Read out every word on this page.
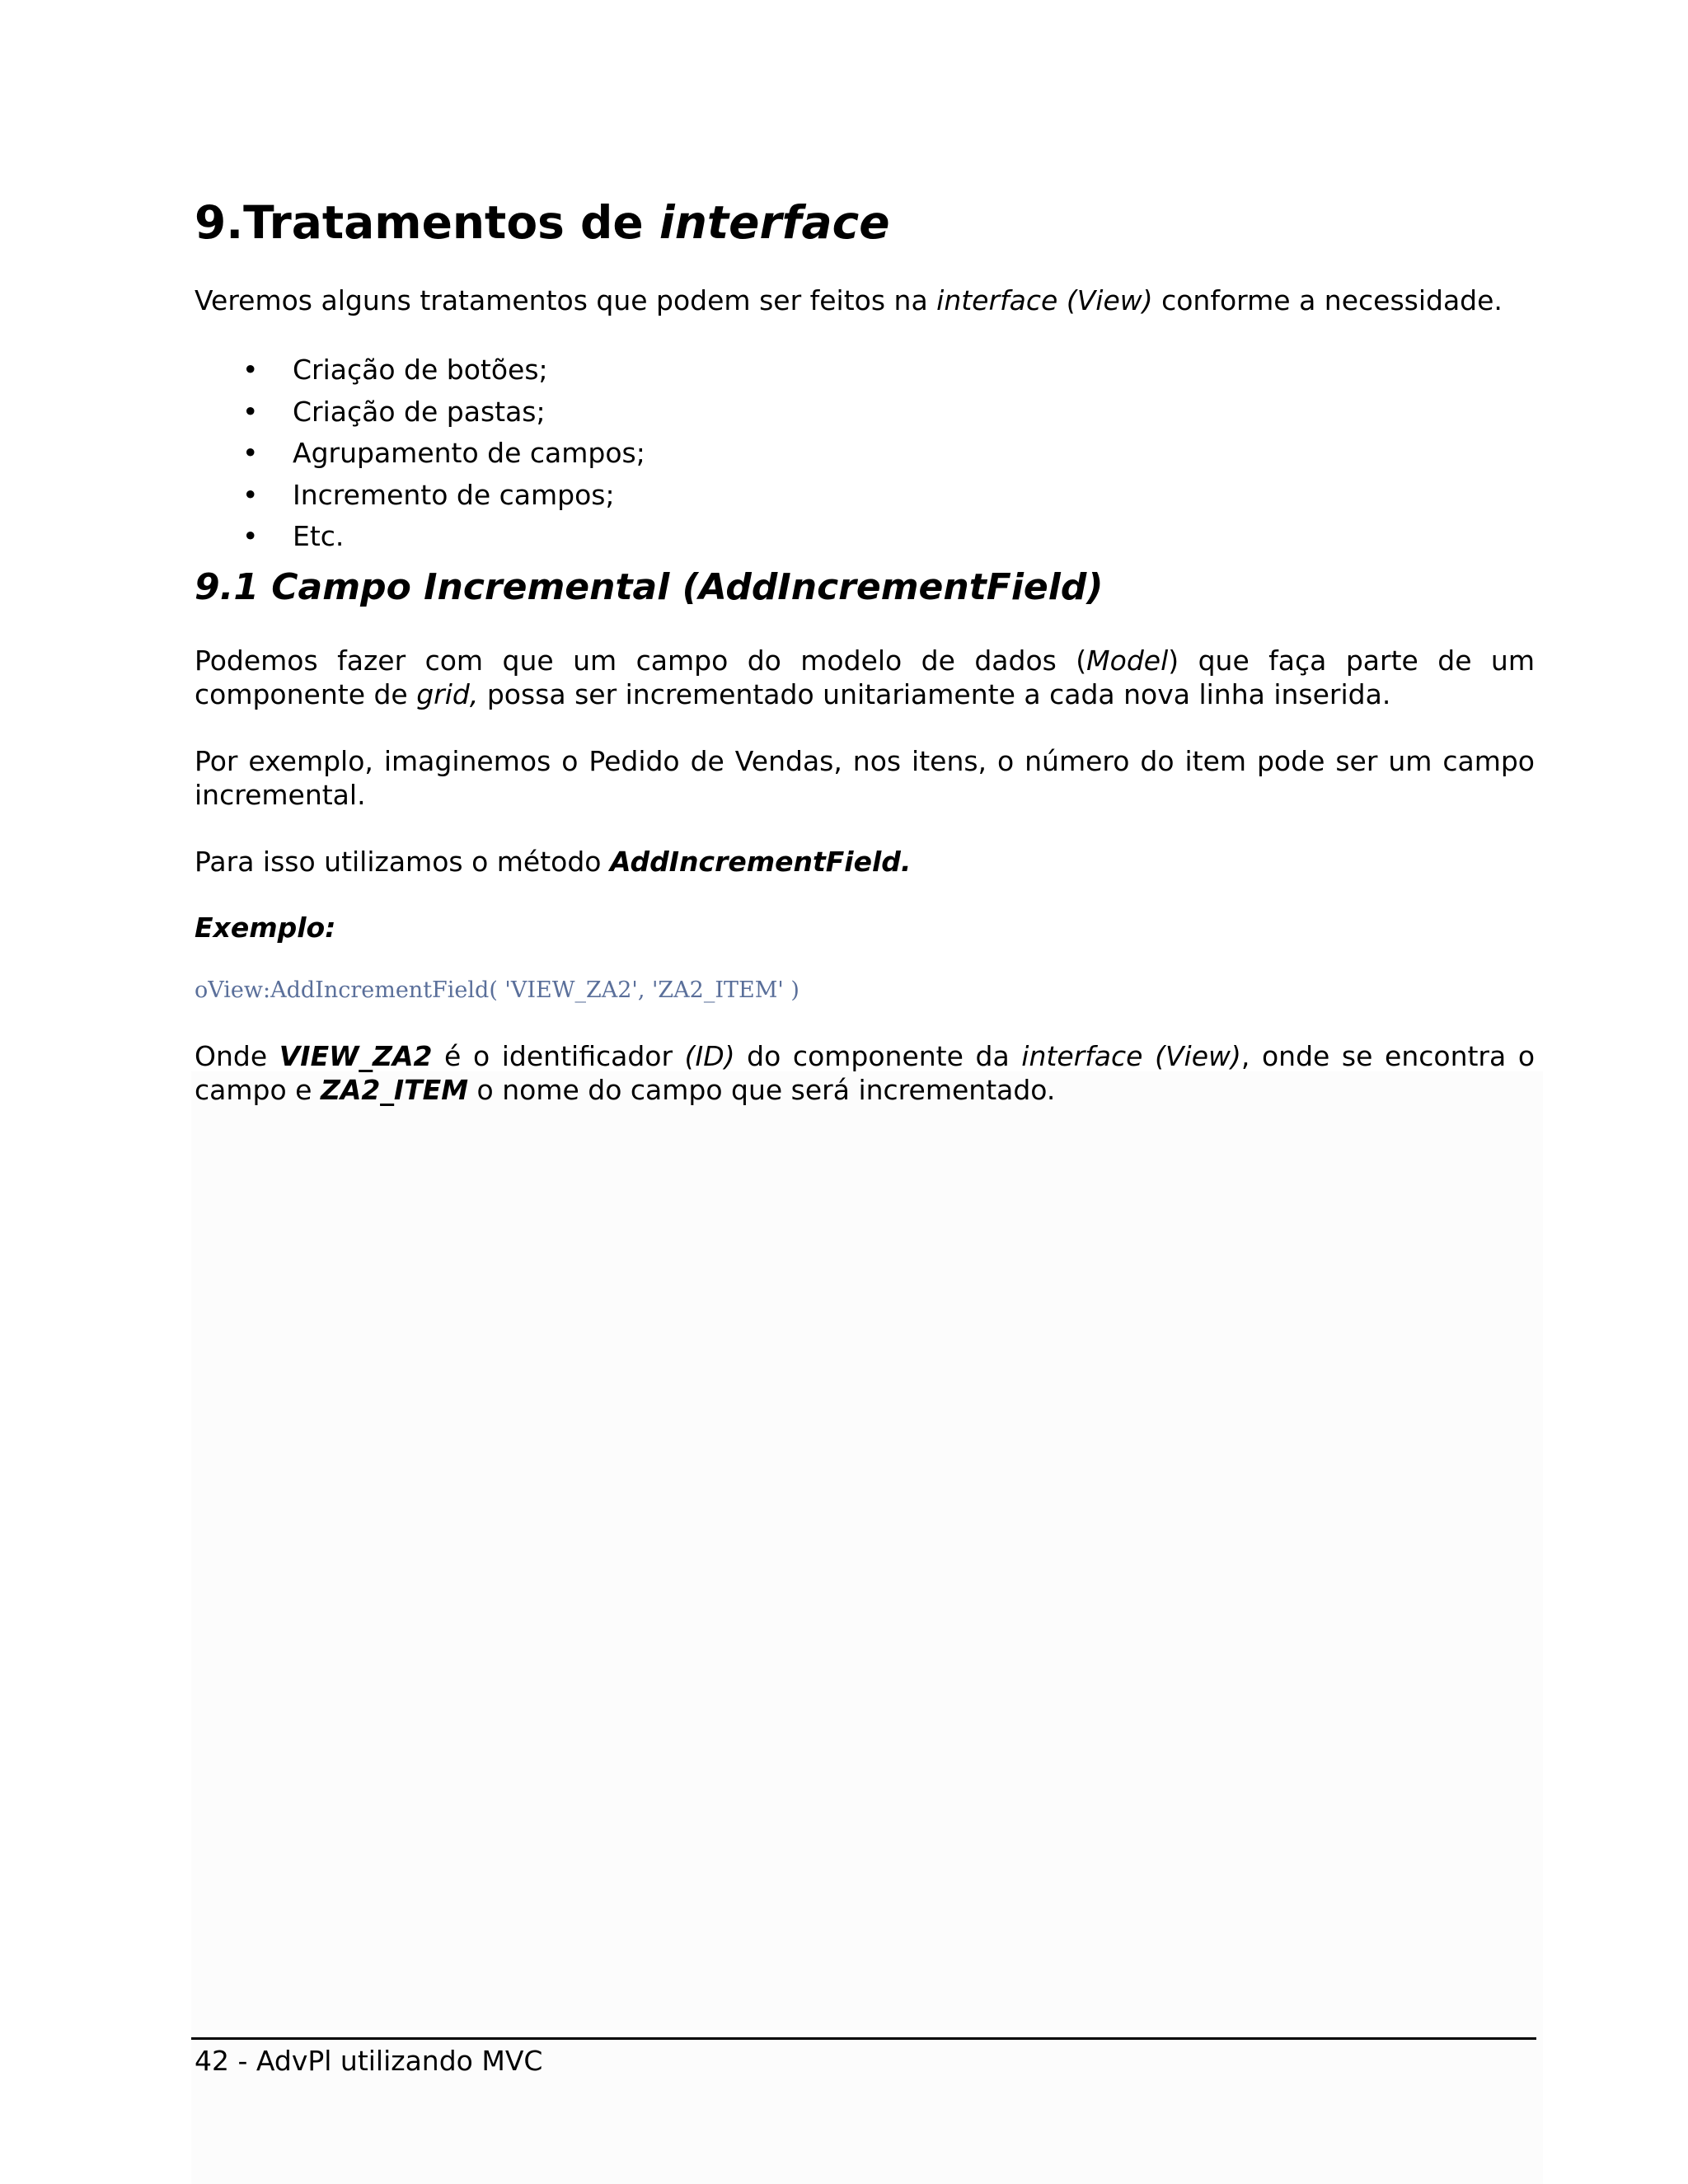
9.Tratamentos de interface

Veremos alguns tratamentos que podem ser feitos na interface (View) conforme a necessidade.

• Criação de botões;
• Criação de pastas;
• Agrupamento de campos;
• Incremento de campos;
• Etc.
9.1 Campo Incremental (AddIncrementField)

Podemos fazer com que um campo do modelo de dados (Model) que faça parte de um componente de grid, possa ser incrementado unitariamente a cada nova linha inserida.

Por exemplo, imaginemos o Pedido de Vendas, nos itens, o número do item pode ser um campo incremental.

Para isso utilizamos o método AddIncrementField.

Exemplo:

oView:AddIncrementField( 'VIEW_ZA2', 'ZA2_ITEM' )

Onde VIEW_ZA2 é o identificador (ID) do componente da interface (View), onde se encontra o campo e ZA2_ITEM o nome do campo que será incrementado.

42 - AdvPl utilizando MVC
